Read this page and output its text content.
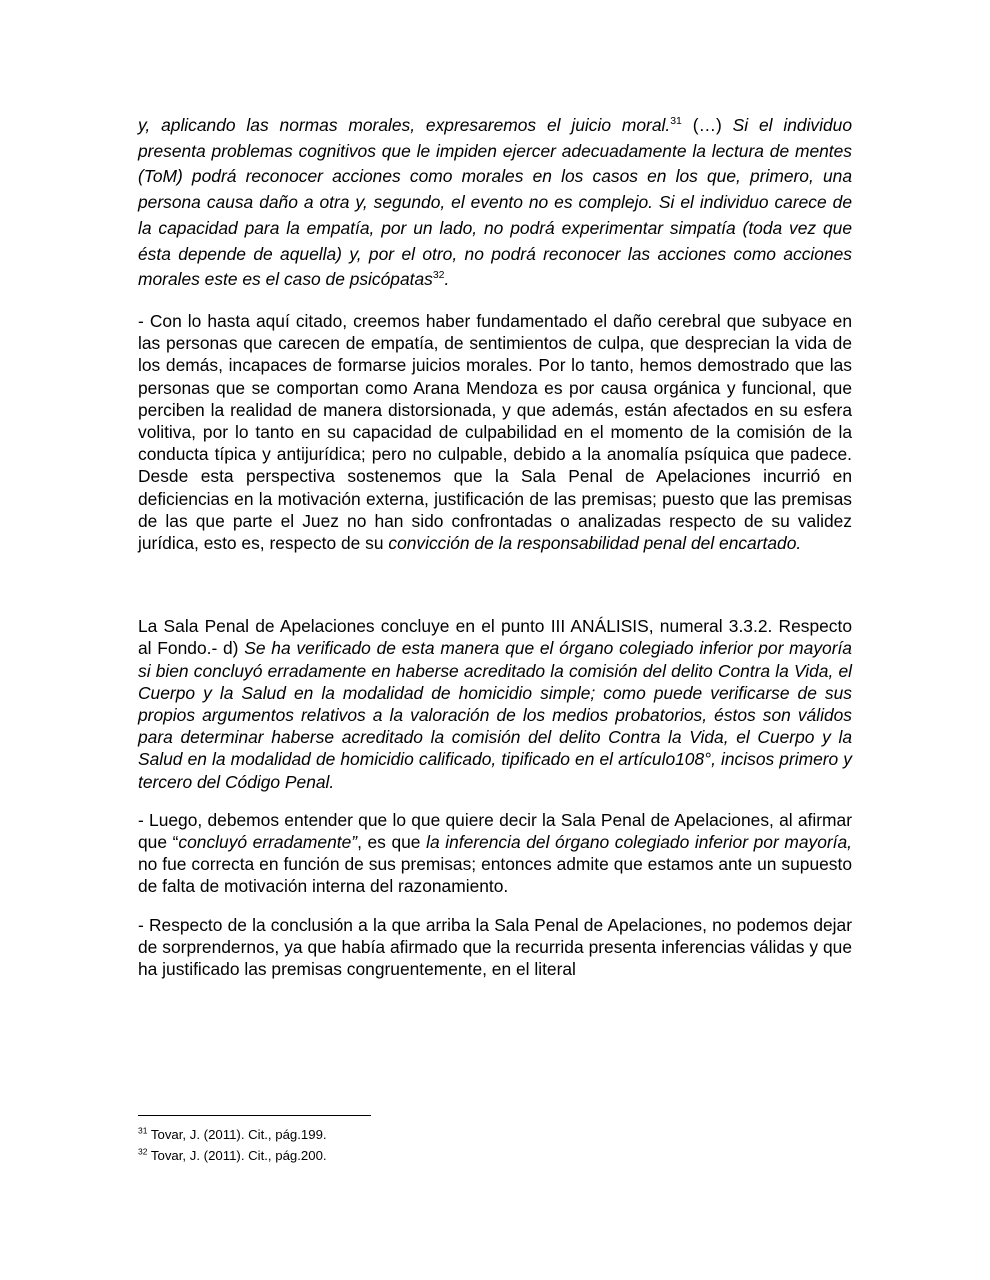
y, aplicando las normas morales, expresaremos el juicio moral.$^{31}$ (…) Si el individuo presenta problemas cognitivos que le impiden ejercer adecuadamente la lectura de mentes (ToM) podrá reconocer acciones como morales en los casos en los que, primero, una persona causa daño a otra y, segundo, el evento no es complejo. Si el individuo carece de la capacidad para la empatía, por un lado, no podrá experimentar simpatía (toda vez que ésta depende de aquella) y, por el otro, no podrá reconocer las acciones como acciones morales este es el caso de psicópatas$^{32}$.

- Con lo hasta aquí citado, creemos haber fundamentado el daño cerebral que subyace en las personas que carecen de empatía, de sentimientos de culpa, que desprecian la vida de los demás, incapaces de formarse juicios morales. Por lo tanto, hemos demostrado que las personas que se comportan como Arana Mendoza es por causa orgánica y funcional, que perciben la realidad de manera distorsionada, y que además, están afectados en su esfera volitiva, por lo tanto en su capacidad de culpabilidad en el momento de la comisión de la conducta típica y antijurídica; pero no culpable, debido a la anomalía psíquica que padece. Desde esta perspectiva sostenemos que la Sala Penal de Apelaciones incurrió en deficiencias en la motivación externa, justificación de las premisas; puesto que las premisas de las que parte el Juez no han sido confrontadas o analizadas respecto de su validez jurídica, esto es, respecto de su convicción de la responsabilidad penal del encartado.

La Sala Penal de Apelaciones concluye en el punto III ANÁLISIS, numeral 3.3.2. Respecto al Fondo.- d) Se ha verificado de esta manera que el órgano colegiado inferior por mayoría si bien concluyó erradamente en haberse acreditado la comisión del delito Contra la Vida, el Cuerpo y la Salud en la modalidad de homicidio simple; como puede verificarse de sus propios argumentos relativos a la valoración de los medios probatorios, éstos son válidos para determinar haberse acreditado la comisión del delito Contra la Vida, el Cuerpo y la Salud en la modalidad de homicidio calificado, tipificado en el artículo108°, incisos primero y tercero del Código Penal.

- Luego, debemos entender que lo que quiere decir la Sala Penal de Apelaciones, al afirmar que “concluyó erradamente”, es que la inferencia del órgano colegiado inferior por mayoría, no fue correcta en función de sus premisas; entonces admite que estamos ante un supuesto de falta de motivación interna del razonamiento.

- Respecto de la conclusión a la que arriba la Sala Penal de Apelaciones, no podemos dejar de sorprendernos, ya que había afirmado que la recurrida presenta inferencias válidas y que ha justificado las premisas congruentemente, en el literal

$^{31}$ Tovar, J. (2011). Cit., pág.199.
$^{32}$ Tovar, J. (2011). Cit., pág.200.
